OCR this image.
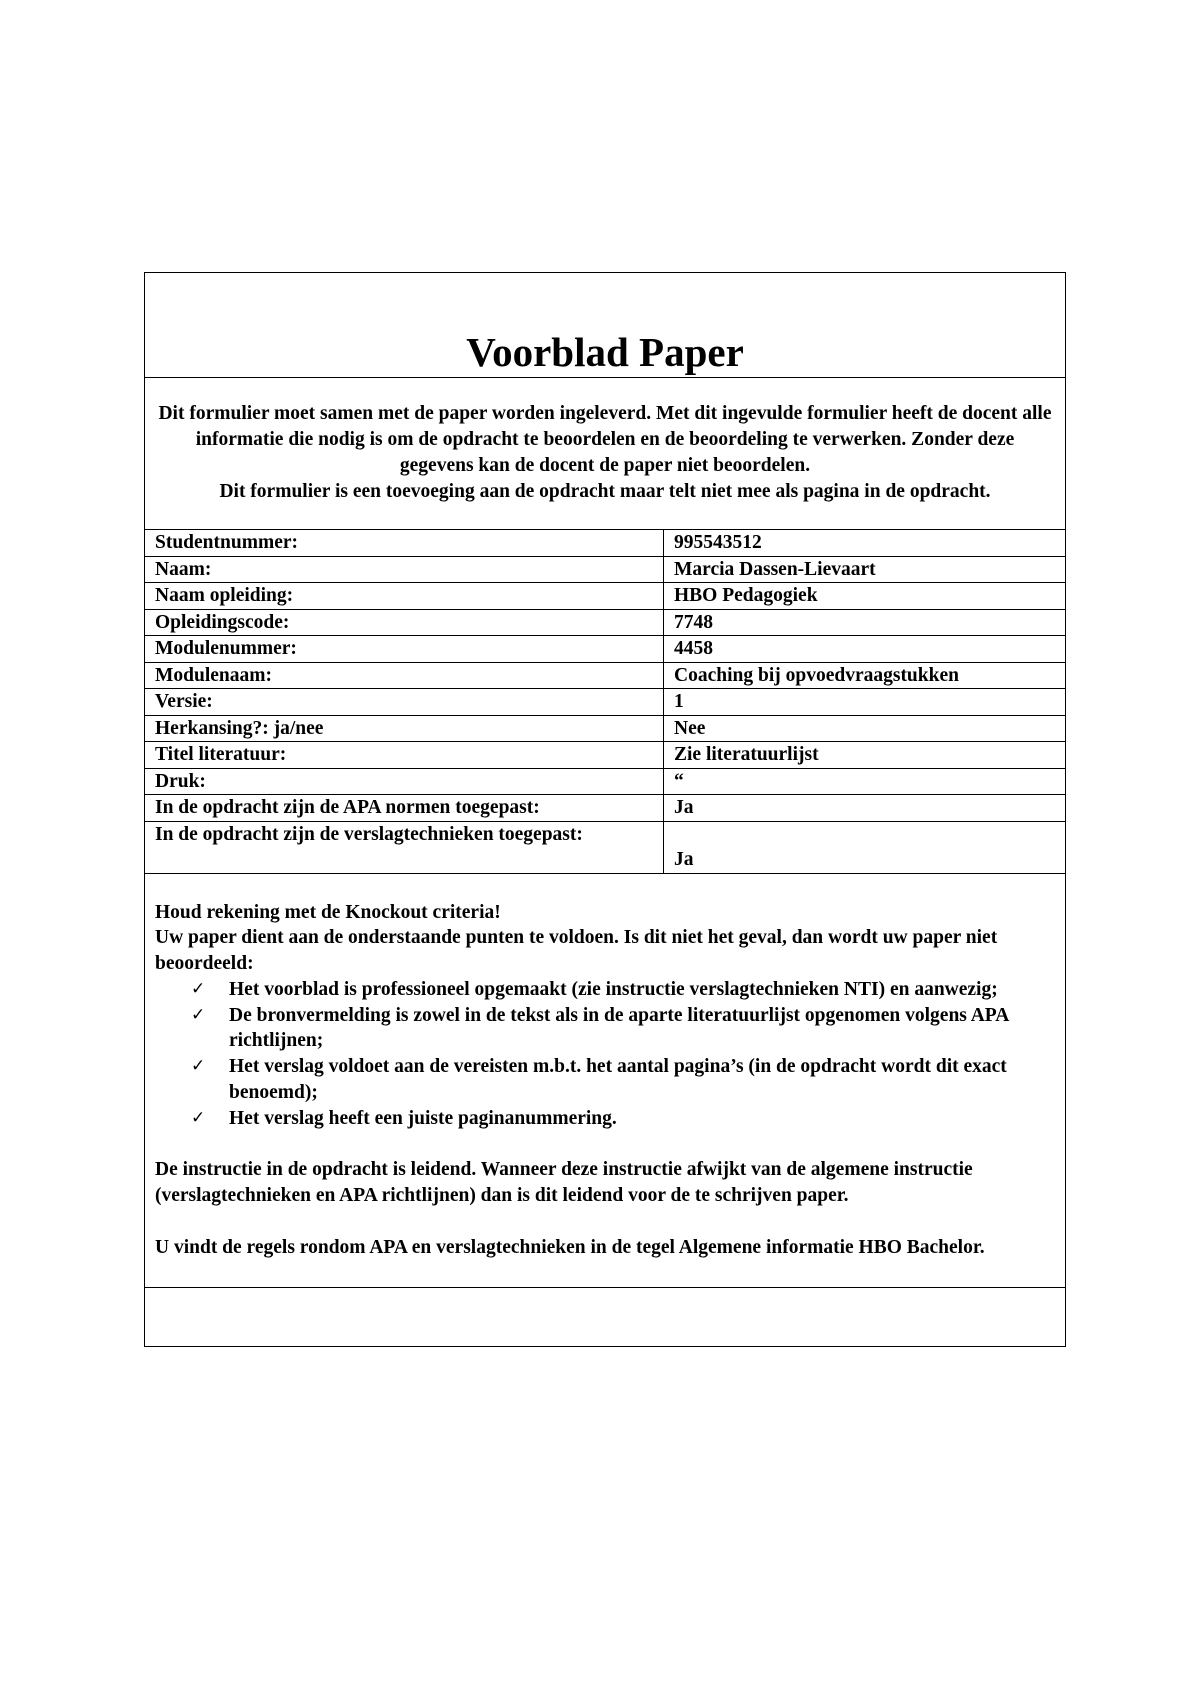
Voorblad Paper

Dit formulier moet samen met de paper worden ingeleverd. Met dit ingevulde formulier heeft de docent alle informatie die nodig is om de opdracht te beoordelen en de beoordeling te verwerken. Zonder deze gegevens kan de docent de paper niet beoordelen.

Dit formulier is een toevoeging aan de opdracht maar telt niet mee als pagina in de opdracht.

Studentnummer:	995543512
Naam:	Marcia Dassen-Lievaart
Naam opleiding:	HBO Pedagogiek
Opleidingscode:	7748
Modulenummer:	4458
Modulenaam:	Coaching bij opvoedvraagstukken
Versie:	1
Herkansing?: ja/nee	Nee
Titel literatuur:	Zie literatuurlijst
Druk:	“
In de opdracht zijn de APA normen toegepast:	Ja
In de opdracht zijn de verslagtechnieken toegepast:	Ja

Houd rekening met de Knockout criteria!

Uw paper dient aan de onderstaande punten te voldoen. Is dit niet het geval, dan wordt uw paper niet beoordeeld:

✓ Het voorblad is professioneel opgemaakt (zie instructie verslagtechnieken NTI) en aanwezig;
✓ De bronvermelding is zowel in de tekst als in de aparte literatuurlijst opgenomen volgens APA richtlijnen;
✓ Het verslag voldoet aan de vereisten m.b.t. het aantal pagina’s (in de opdracht wordt dit exact benoemd);
✓ Het verslag heeft een juiste paginanummering.

De instructie in de opdracht is leidend. Wanneer deze instructie afwijkt van de algemene instructie (verslagtechnieken en APA richtlijnen) dan is dit leidend voor de te schrijven paper.

U vindt de regels rondom APA en verslagtechnieken in de tegel Algemene informatie HBO Bachelor.
